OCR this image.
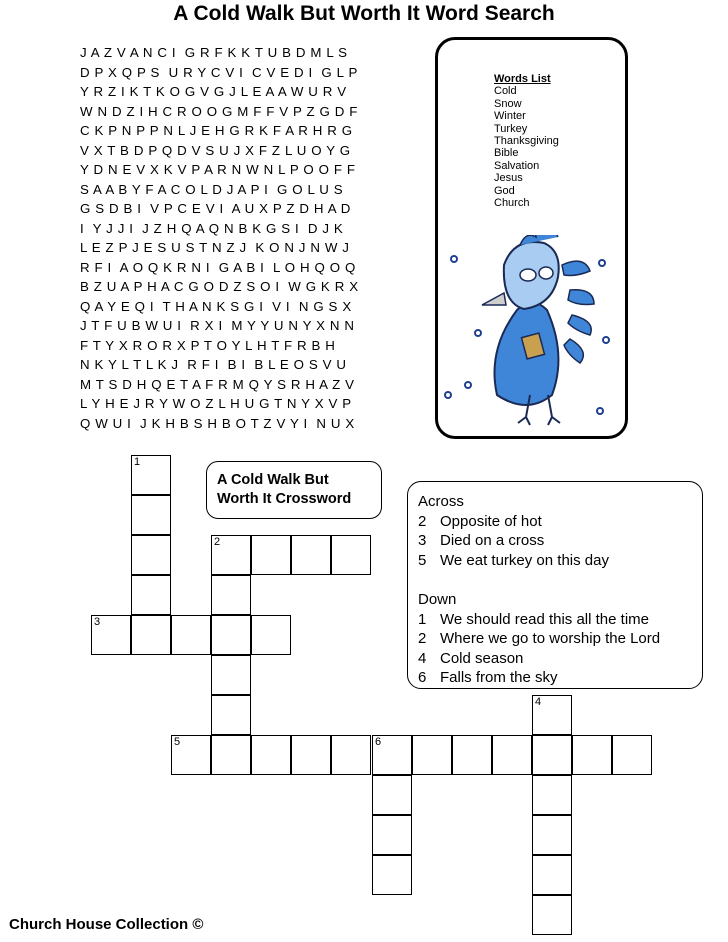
A Cold Walk But Worth It Word Search
J A Z V A N C I  G R F K K T U B D M L S
D P X Q P S  U R Y C V I  C V E D I  G L P
Y R Z I K T K O G V G J L E A A W U R V
W N D Z I H C R O O G M F F V P Z G D F
C K P N P P N L J E H G R K F A R H R G
V X T B D P Q D V S U J X F Z L U O Y G
Y D N E V X K V P A R N W N L P O O F F
S A A B Y F A C O L D J A P I  G O L U S
G S D B I  V P C E V I  A U X P Z D H A D
I  Y J J I  J Z H Q A Q N B K G S I  D J K
L E Z P J E S U S T N Z J  K O N J N W J
R F I  A O Q K R N I  G A B I  L O H Q O Q
B Z U A P H A C G O D Z S O I  W G K R X
Q A Y E Q I  T H A N K S G I  V I  N G S X
J T F U B W U I  R X I  M Y Y U N Y X N N
F T Y X R O R X P T O Y L H T F R B H
N K Y L T L K J  R F I  B I  B L E O S V U
M T S D H Q E T A F R M Q Y S R H A Z V
L Y H E J R Y W O Z L H U G T N Y X V P
Q W U I  J K H B S H B O T Z V Y I  N U X
Words List
Cold
Snow
Winter
Turkey
Thanksgiving
Bible
Salvation
Jesus
God
Church
A Cold Walk But
Worth It Crossword	Across
2 Opposite of hot
3 Died on a cross
5 We eat turkey on this day
Down
1 We should read this all the time
2 Where we go to worship the Lord
4 Cold season
6 Falls from the sky
1
2
3
4
5	6
Church House Collection ©
